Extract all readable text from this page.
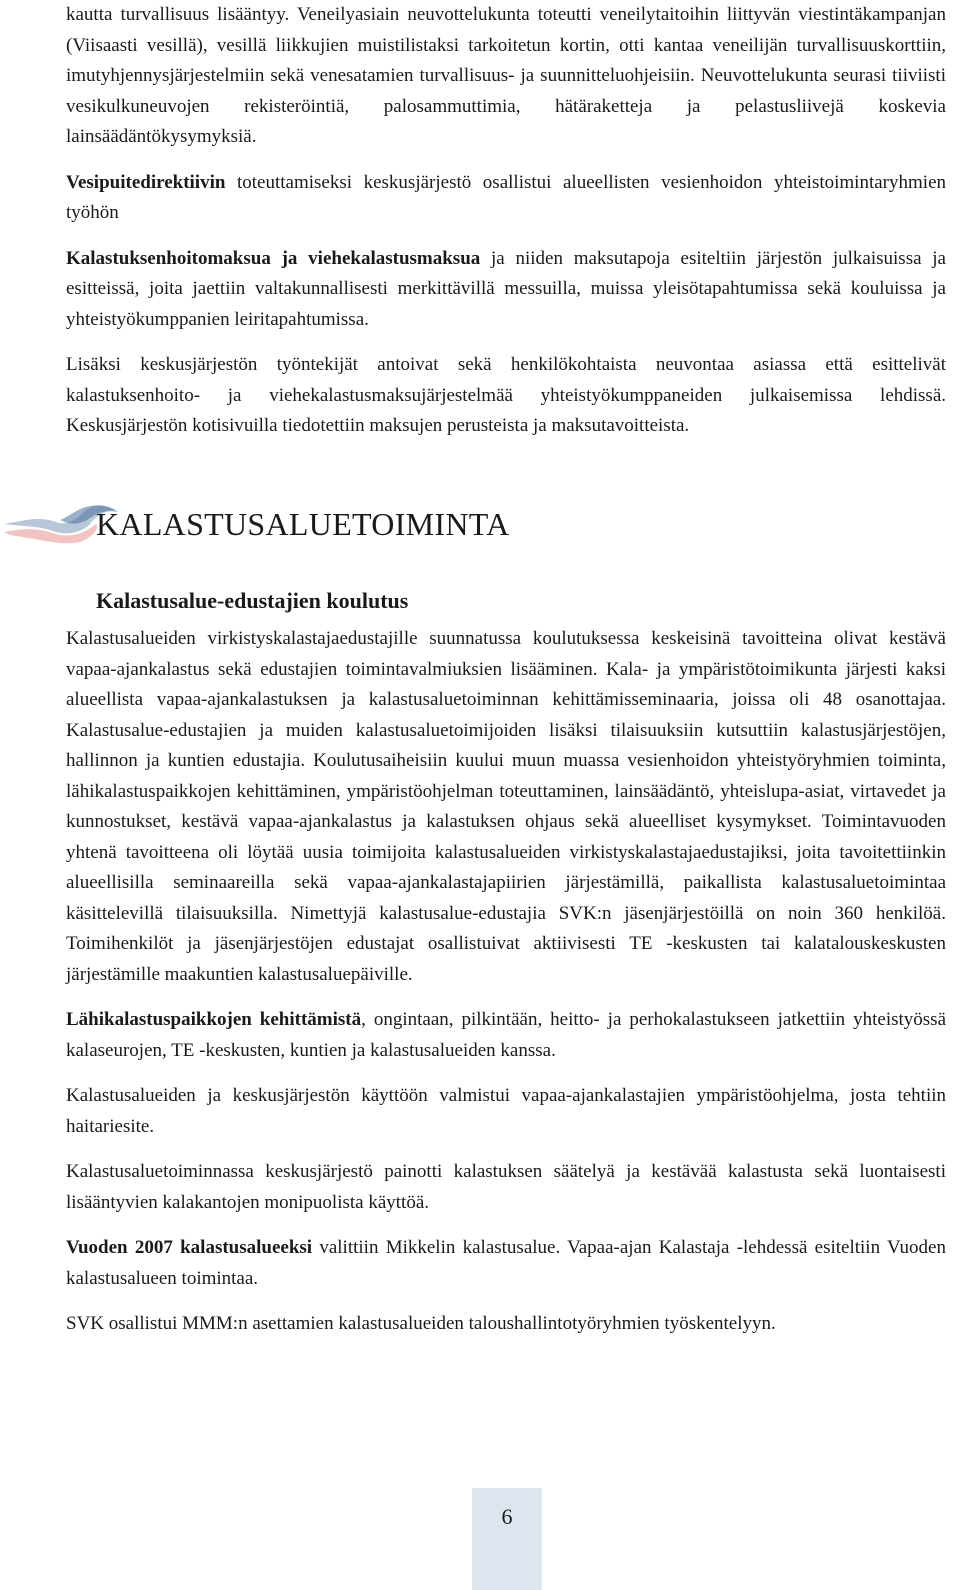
kautta turvallisuus lisääntyy. Veneilyasiain neuvottelukunta toteutti veneilytaitoihin liittyvän viestintäkampanjan (Viisaasti vesillä), vesillä liikkujien muistilistaksi tarkoitetun kortin, otti kantaa veneilijän turvallisuuskorttiin, imutyhjennysjärjestelmiin sekä venesatamien turvallisuus- ja suunnitteluohjeisiin. Neuvottelukunta seurasi tiiviisti vesikulkuneuvojen rekisteröintiä, palosammuttimia, hätäraketteja ja pelastusliivejä koskevia lainsäädäntökysymyksiä.

Vesipuitedirektiivin toteuttamiseksi keskusjärjestö osallistui alueellisten vesienhoidon yhteistoimintaryhmien työhön

Kalastuksenhoitomaksua ja viehekalastusmaksua ja niiden maksutapoja esiteltiin järjestön julkaisuissa ja esitteissä, joita jaettiin valtakunnallisesti merkittävillä messuilla, muissa yleisötapahtumissa sekä kouluissa ja yhteistyökumppanien leiritapahtumissa.

Lisäksi keskusjärjestön työntekijät antoivat sekä henkilökohtaista neuvontaa asiassa että esittelivät kalastuksenhoito- ja viehekalastusmaksujärjestelmää yhteistyökumppaneiden julkaisemissa lehdissä. Keskusjärjestön kotisivuilla tiedotettiin maksujen perusteista ja maksutavoitteista.

KALASTUSALUETOIMINTA
Kalastusalue-edustajien koulutus

Kalastusalueiden virkistyskalastajaedustajille suunnatussa koulutuksessa keskeisinä tavoitteina olivat kestävä vapaa-ajankalastus sekä edustajien toimintavalmiuksien lisääminen. Kala- ja ympäristötoimikunta järjesti kaksi alueellista vapaa-ajankalastuksen ja kalastusaluetoiminnan kehittämisseminaaria, joissa oli 48 osanottajaa. Kalastusalue-edustajien ja muiden kalastusaluetoimijoiden lisäksi tilaisuuksiin kutsuttiin kalastusjärjestöjen, hallinnon ja kuntien edustajia. Koulutusaiheisiin kuului muun muassa vesienhoidon yhteistyöryhmien toiminta, lähikalastuspaikkojen kehittäminen, ympäristöohjelman toteuttaminen, lainsäädäntö, yhteislupa-asiat, virtavedet ja kunnostukset, kestävä vapaa-ajankalastus ja kalastuksen ohjaus sekä alueelliset kysymykset. Toimintavuoden yhtenä tavoitteena oli löytää uusia toimijoita kalastusalueiden virkistyskalastajaedustajiksi, joita tavoitettiinkin alueellisilla seminaareilla sekä vapaa-ajankalastajapiirien järjestämillä, paikallista kalastusaluetoimintaa käsittelevillä tilaisuuksilla. Nimettyjä kalastusalue-edustajia SVK:n jäsenjärjestöillä on noin 360 henkilöä. Toimihenkilöt ja jäsenjärjestöjen edustajat osallistuivat aktiivisesti TE -keskusten tai kalatalouskeskusten järjestämille maakuntien kalastusaluepäiville.

Lähikalastuspaikkojen kehittämistä, ongintaan, pilkintään, heitto- ja perhokalastukseen jatkettiin yhteistyössä kalaseurojen, TE -keskusten, kuntien ja kalastusalueiden kanssa.

Kalastusalueiden ja keskusjärjestön käyttöön valmistui vapaa-ajankalastajien ympäristöohjelma, josta tehtiin haitariesite.

Kalastusaluetoiminnassa keskusjärjestö painotti kalastuksen säätelyä ja kestävää kalastusta sekä luontaisesti lisääntyvien kalakantojen monipuolista käyttöä.

Vuoden 2007 kalastusalueeksi valittiin Mikkelin kalastusalue. Vapaa-ajan Kalastaja -lehdessä esiteltiin Vuoden kalastusalueen toimintaa.

SVK osallistui MMM:n asettamien kalastusalueiden taloushallintotyöryhmien työskentelyyn.

6
